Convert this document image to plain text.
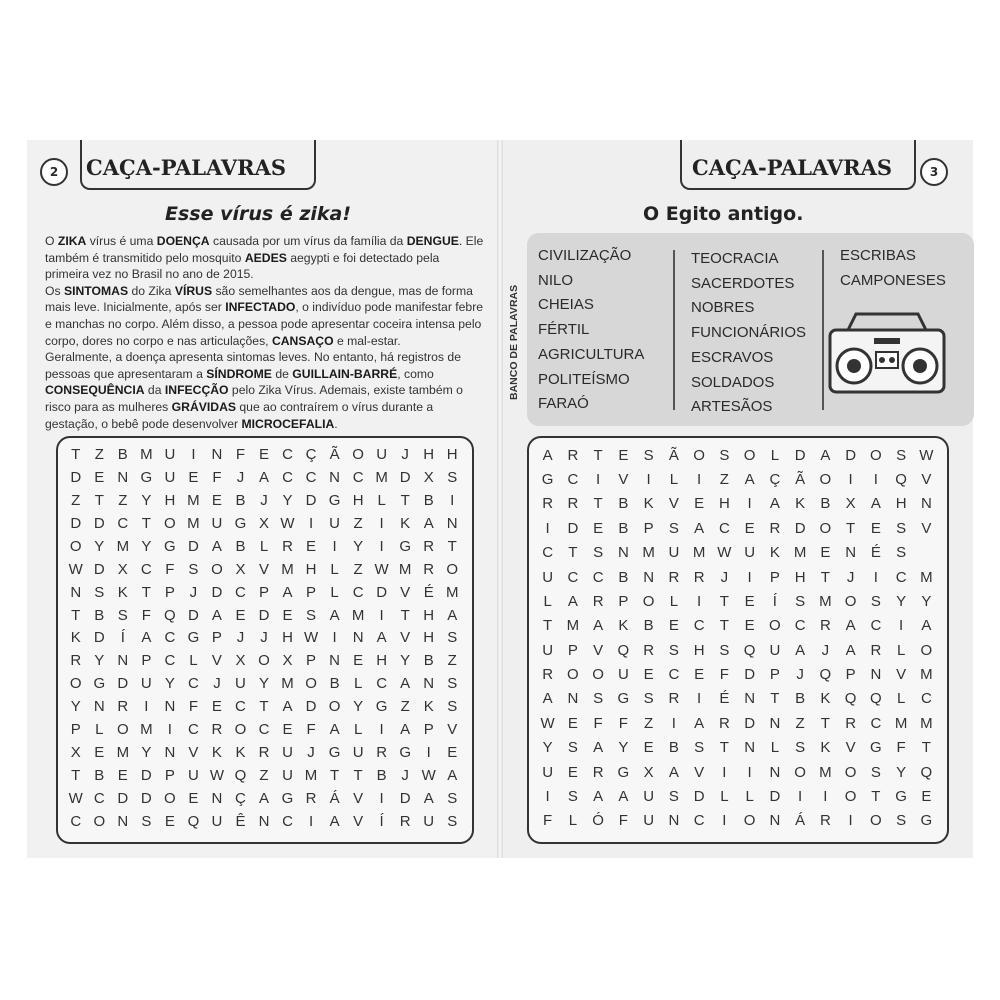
2	CAÇA-PALAVRAS
Esse vírus é zika!

O ZIKA vírus é uma DOENÇA causada por um vírus da família da DENGUE. Ele também é transmitido pelo mosquito AEDES aegypti e foi detectado pela primeira vez no Brasil no ano de 2015.

Os SINTOMAS do Zika VÍRUS são semelhantes aos da dengue, mas de forma mais leve. Inicialmente, após ser INFECTADO, o indivíduo pode manifestar febre e manchas no corpo. Além disso, a pessoa pode apresentar coceira intensa pelo corpo, dores no corpo e nas articulações, CANSAÇO e mal-estar.

Geralmente, a doença apresenta sintomas leves. No entanto, há registros de pessoas que apresentaram a SÍNDROME de GUILLAIN-BARRÉ, como CONSEQUÊNCIA da INFECÇÃO pelo Zika Vírus. Ademais, existe também o risco para as mulheres GRÁVIDAS que ao contraírem o vírus durante a gestação, o bebê pode desenvolver MICROCEFALIA.

T Z B M U	I	N F E C Ç Ã O U J H H
D E N G U E F	J A C C N C M D X S
Z T Z Y H M E B J Y D G H L T B	I
D D C T O M U G X W I	U Z	I	K A N
O Y M Y G D A B L R E	I	Y	I	G R T
W D X C F S O X V M H L Z W M R O
N S K T P J D C P A P L C D V É M
T B S F Q D A E D E S A M	I	T H A
K D	Í	A C G P J	J H W I	N A V H S
R Y N P C L V X O X P N E H Y B Z
O G D U Y C J U Y M O B L C A N S
Y N R	I	N F E C T A D O Y G Z K S
P L O M	I	C R O C E F A L	I	A P V
X E M Y N V K K R U J G U R G	I	E
T B E D P U W Q Z U M T T B J W A
W C D D O E N Ç A G R Á V	I	D A S
C O N S E Q U Ê N C	I	A V	Í	R U S
CAÇA-PALAVRAS	3
O Egito antigo.
BANCO DE PALAVRAS
CIVILIZAÇÃO
NILO
CHEIAS
FÉRTIL
AGRICULTURA
POLITEÍSMO
FARAÓ
TEOCRACIA
SACERDOTES
NOBRES
FUNCIONÁRIOS
ESCRAVOS
SOLDADOS
ARTESÃOS
ESCRIBAS
CAMPONESES
A R	T	E	S	Ã O S O	L	D A D O S W
G C	I	V	I	L	I	Z	A Ç Ã O	I	I	Q V
R R	T	B	K	V	E H	I	A	K	B	X	A H N
I	D E	B	P	S	A C E R D O T	E	S	V
C	T	S N M U M W U K M E N É	S
U C C B N R R	J	I	P H	T	J	I	C M
L	A R P O	L	I	T	E	Í	S M O S	Y	Y
T M A	K	B	E C	T	E O C R A C	I	A
U P	V Q R S H S Q U A	J	A R	L	O
R O O U E C E	F	D P	J	Q P N V M
A N S G S R	I	É N	T	B	K Q Q	L	C
W E	F	F	Z	I	A R D N	Z	T	R C M M
Y	S	A	Y	E	B	S	T	N	L	S	K	V G F	T
U E R G X	A	V	I	I	N O M O S	Y Q
I	S	A	A U S D	L	L	D	I	I	O T G E
F	L	Ó F	U N C	I	O N Á R	I	O S G
